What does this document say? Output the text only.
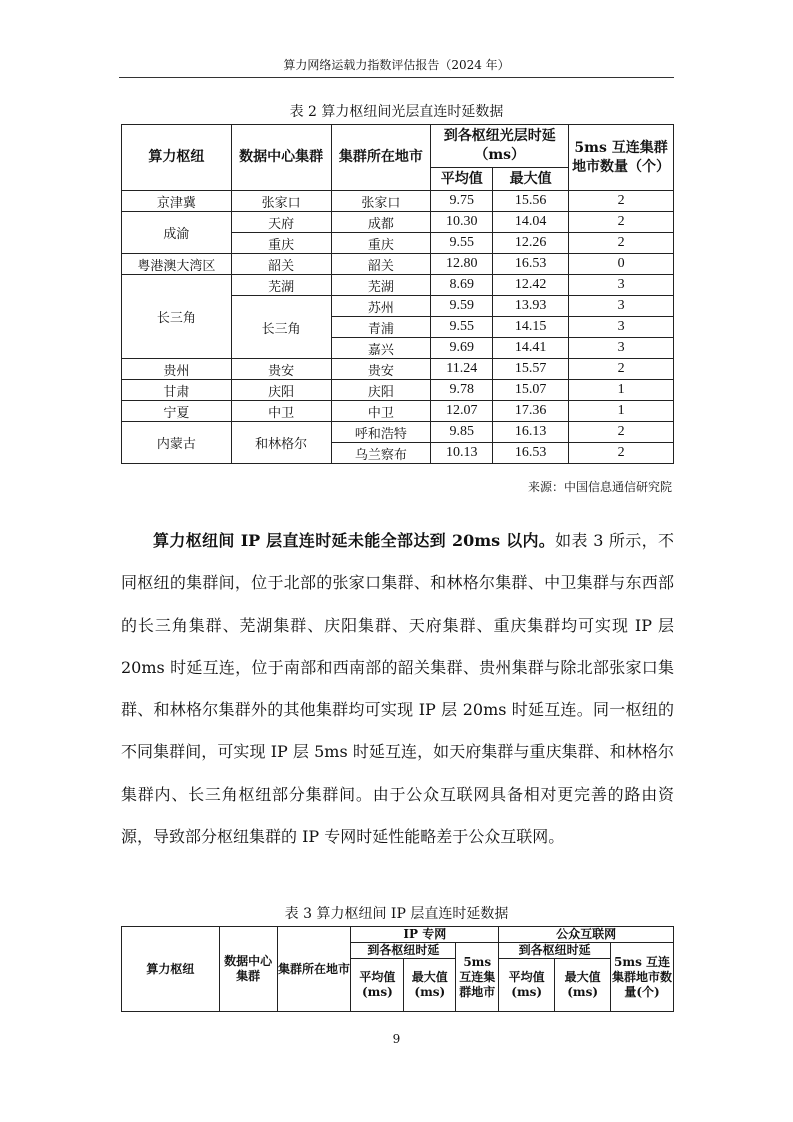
算力网络运载力指数评估报告（2024 年）
表 2 算力枢纽间光层直连时延数据
算力枢纽	数据中心集群	集群所在地市	到各枢纽光层时延（ms）		5ms 互连集群地市数量（个）
			平均值	最大值	
京津冀	张家口	张家口	9.75	15.56	2
成渝	天府	成都	10.30	14.04	2
	重庆	重庆	9.55	12.26	2
粤港澳大湾区	韶关	韶关	12.80	16.53	0
长三角	芜湖	芜湖	8.69	12.42	3
	长三角	苏州	9.59	13.93	3
		青浦	9.55	14.15	3
		嘉兴	9.69	14.41	3
贵州	贵安	贵安	11.24	15.57	2
甘肃	庆阳	庆阳	9.78	15.07	1
宁夏	中卫	中卫	12.07	17.36	1
内蒙古	和林格尔	呼和浩特	9.85	16.13	2
		乌兰察布	10.13	16.53	2
来源：中国信息通信研究院
算力枢纽间 IP 层直连时延未能全部达到 20ms 以内。如表 3 所示，不同枢纽的集群间，位于北部的张家口集群、和林格尔集群、中卫集群与东西部的长三角集群、芜湖集群、庆阳集群、天府集群、重庆集群均可实现 IP 层 20ms 时延互连，位于南部和西南部的韶关集群、贵州集群与除北部张家口集群、和林格尔集群外的其他集群均可实现 IP 层 20ms 时延互连。同一枢纽的不同集群间，可实现 IP 层 5ms 时延互连，如天府集群与重庆集群、和林格尔集群内、长三角枢纽部分集群间。由于公众互联网具备相对更完善的路由资源，导致部分枢纽集群的 IP 专网时延性能略差于公众互联网。
表 3 算力枢纽间 IP 层直连时延数据
算力枢纽	数据中心集群	集群所在地市	IP 专网			公众互联网		
			到各枢纽时延		5ms 互连集群地市	到各枢纽时延		5ms 互连集群地市数量(个)
			平均值(ms)	最大值(ms)		平均值(ms)	最大值(ms)	
9
